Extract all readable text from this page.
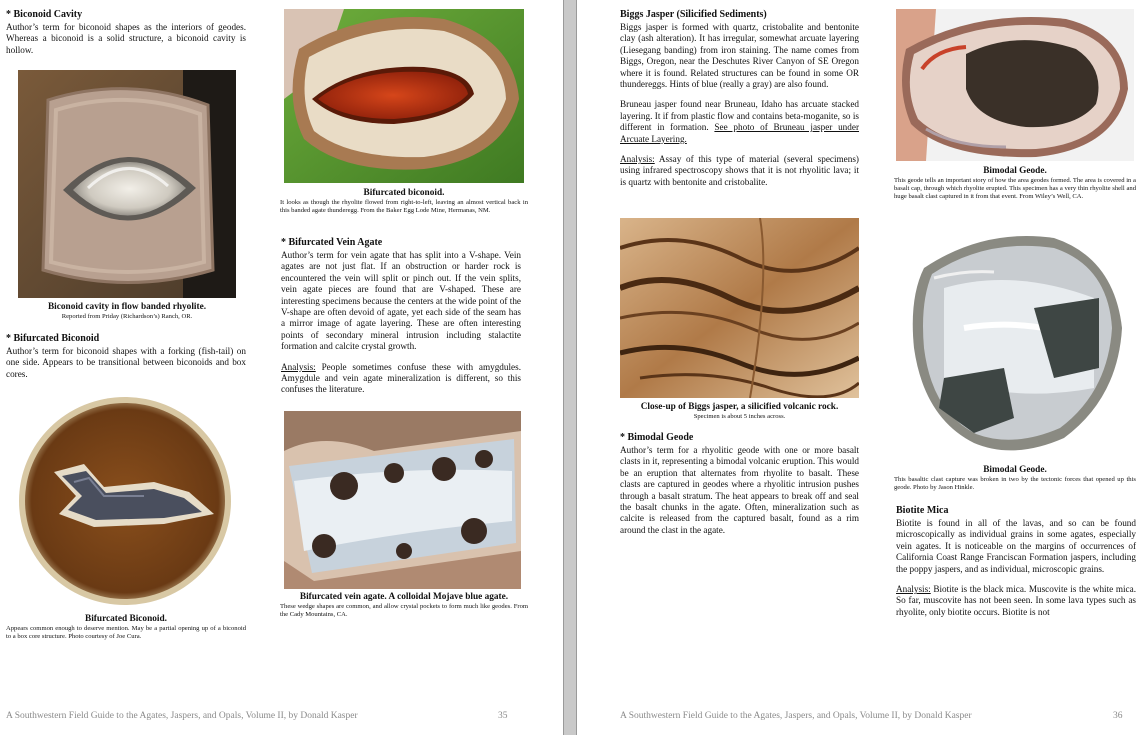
* Biconoid Cavity

Author’s term for biconoid shapes as the interiors of geodes. Whereas a biconoid is a solid structure, a biconoid cavity is hollow.

Biconoid cavity in flow banded rhyolite.

Reported from Priday (Richardson’s) Ranch, OR.

* Bifurcated Biconoid

Author’s term for biconoid shapes with a forking (fish-tail) on one side. Appears to be transitional between biconoids and box cores.

Bifurcated Biconoid.

Appears common enough to deserve mention. May be a partial opening up of a biconoid to a box core structure. Photo courtesy of Joe Cura.

Bifurcated biconoid.

It looks as though the rhyolite flowed from right-to-left, leaving an almost vertical back in this banded agate thunderegg. From the Baker Egg Lode Mine, Hermanas, NM.

* Bifurcated Vein Agate

Author’s term for vein agate that has split into a V-shape. Vein agates are not just flat. If an obstruction or harder rock is encountered the vein will split or pinch out. If the vein splits, vein agate pieces are found that are V-shaped. These are interesting specimens because the centers at the wide point of the V-shape are often devoid of agate, yet each side of the seam has a mirror image of agate layering. These are often interesting points of secondary mineral intrusion including stalactite formation and calcite crystal growth.

Analysis: People sometimes confuse these with amygdules. Amygdule and vein agate mineralization is different, so this confuses the literature.

Bifurcated vein agate. A colloidal Mojave blue agate.

These wedge shapes are common, and allow crystal pockets to form much like geodes. From the Cady Mountains, CA.

A Southwestern Field Guide to the Agates, Jaspers, and Opals, Volume II, by Donald Kasper	35

Biggs Jasper (Silicified Sediments)

Biggs jasper is formed with quartz, cristobalite and bentonite clay (ash alteration). It has irregular, somewhat arcuate layering (Liesegang banding) from iron staining. The name comes from Biggs, Oregon, near the Deschutes River Canyon of SE Oregon where it is found. Related structures can be found in some OR thundereggs. Hints of blue (really a gray) are also found.

Bruneau jasper found near Bruneau, Idaho has arcuate stacked layering. It if from plastic flow and contains beta-moganite, so is different in formation. See photo of Bruneau jasper under Arcuate Layering.

Analysis: Assay of this type of material (several specimens) using infrared spectroscopy shows that it is not rhyolitic lava; it is quartz with bentonite and cristobalite.

Close-up of Biggs jasper, a silicified volcanic rock.

Specimen is about 5 inches across.

* Bimodal Geode

Author’s term for a rhyolitic geode with one or more basalt clasts in it, representing a bimodal volcanic eruption. This would be an eruption that alternates from rhyolite to basalt. These clasts are captured in geodes where a rhyolitic intrusion pushes through a basalt stratum. The heat appears to break off and seal the basalt chunks in the agate. Often, mineralization such as calcite is released from the captured basalt, found as a rim around the clast in the agate.

Bimodal Geode.

This geode tells an important story of how the area geodes formed. The area is covered in a basalt cap, through which rhyolite erupted. This specimen has a very thin rhyolite shell and huge basalt clast captured in it from that event. From Wiley’s Well, CA.

Bimodal Geode.

This basaltic clast capture was broken in two by the tectonic forces that opened up this geode. Photo by Jason Hinkle.

Biotite Mica

Biotite is found in all of the lavas, and so can be found microscopically as individual grains in some agates, especially vein agates. It is noticeable on the margins of occurrences of California Coast Range Franciscan Formation jaspers, including the poppy jaspers, and as individual, microscopic grains.

Analysis: Biotite is the black mica. Muscovite is the white mica. So far, muscovite has not been seen. In some lava types such as rhyolite, only biotite occurs. Biotite is not

A Southwestern Field Guide to the Agates, Jaspers, and Opals, Volume II, by Donald Kasper	36
